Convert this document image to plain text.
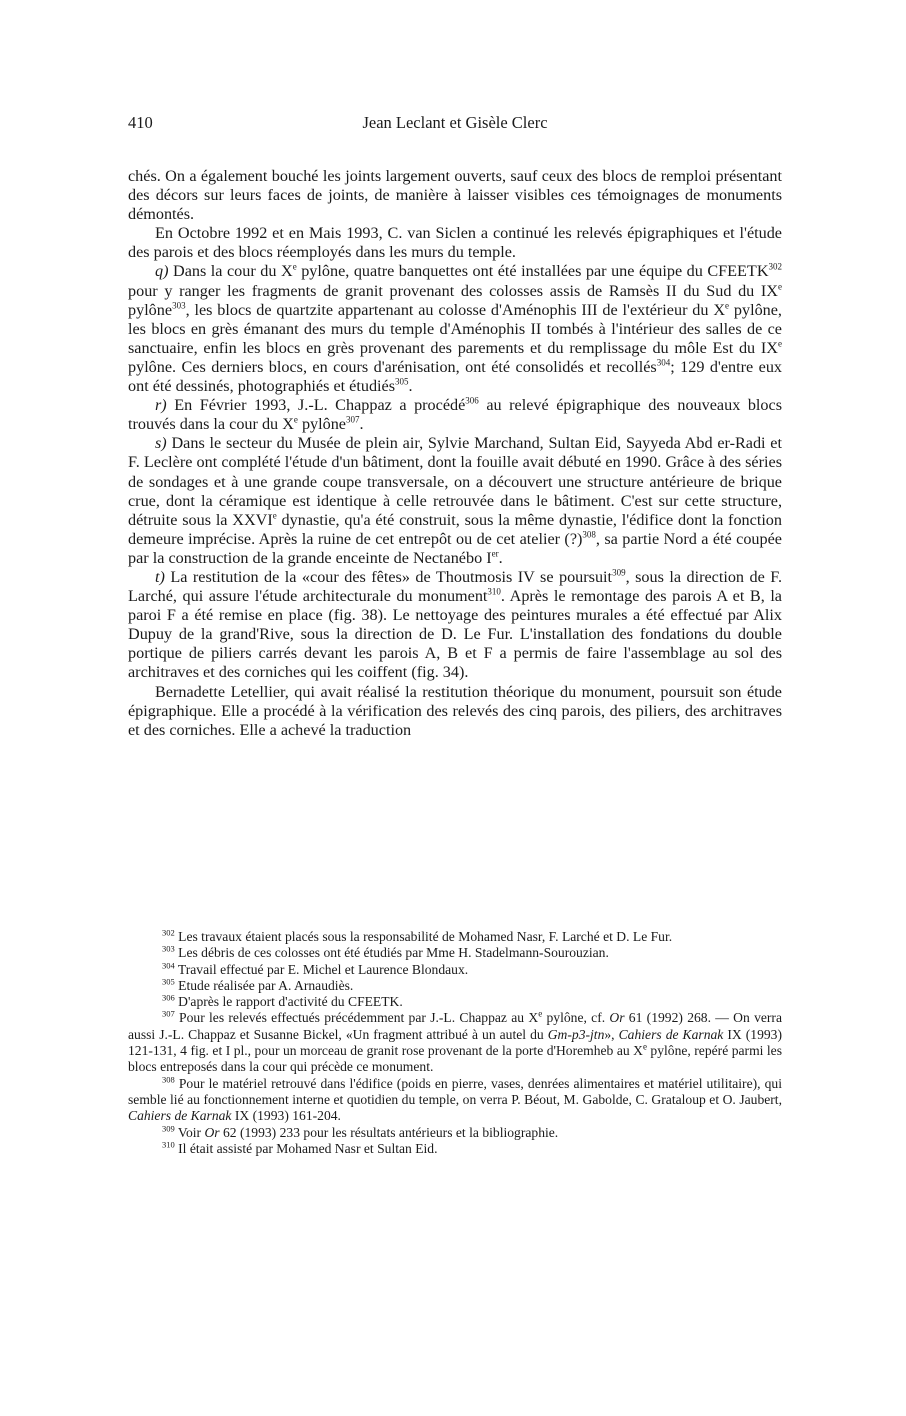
410	Jean Leclant et Gisèle Clerc

chés. On a également bouché les joints largement ouverts, sauf ceux des blocs de remploi présentant des décors sur leurs faces de joints, de manière à laisser visibles ces témoignages de monuments démontés.

En Octobre 1992 et en Mais 1993, C. van Siclen a continué les relevés épigraphiques et l'étude des parois et des blocs réemployés dans les murs du temple.

q) Dans la cour du Xe pylône, quatre banquettes ont été installées par une équipe du CFEETK$^{302}$ pour y ranger les fragments de granit provenant des colosses assis de Ramsès II du Sud du IXe pylône$^{303}$, les blocs de quartzite appartenant au colosse d'Aménophis III de l'extérieur du Xe pylône, les blocs en grès émanant des murs du temple d'Aménophis II tombés à l'intérieur des salles de ce sanctuaire, enfin les blocs en grès provenant des parements et du remplissage du môle Est du IXe pylône. Ces derniers blocs, en cours d'arénisation, ont été consolidés et recollés$^{304}$; 129 d'entre eux ont été dessinés, photographiés et étudiés$^{305}$.

r) En Février 1993, J.-L. Chappaz a procédé$^{306}$ au relevé épigraphique des nouveaux blocs trouvés dans la cour du Xe pylône$^{307}$.

s) Dans le secteur du Musée de plein air, Sylvie Marchand, Sultan Eid, Sayyeda Abd er-Radi et F. Leclère ont complété l'étude d'un bâtiment, dont la fouille avait débuté en 1990. Grâce à des séries de sondages et à une grande coupe transversale, on a découvert une structure antérieure de brique crue, dont la céramique est identique à celle retrouvée dans le bâtiment. C'est sur cette structure, détruite sous la XXVIe dynastie, qu'a été construit, sous la même dynastie, l'édifice dont la fonction demeure imprécise. Après la ruine de cet entrepôt ou de cet atelier (?)$^{308}$, sa partie Nord a été coupée par la construction de la grande enceinte de Nectanébo Ier.

t) La restitution de la «cour des fêtes» de Thoutmosis IV se poursuit$^{309}$, sous la direction de F. Larché, qui assure l'étude architecturale du monument$^{310}$. Après le remontage des parois A et B, la paroi F a été remise en place (fig. 38). Le nettoyage des peintures murales a été effectué par Alix Dupuy de la grand'Rive, sous la direction de D. Le Fur. L'installation des fondations du double portique de piliers carrés devant les parois A, B et F a permis de faire l'assemblage au sol des architraves et des corniches qui les coiffent (fig. 34).

Bernadette Letellier, qui avait réalisé la restitution théorique du monument, poursuit son étude épigraphique. Elle a procédé à la vérification des relevés des cinq parois, des piliers, des architraves et des corniches. Elle a achevé la traduction

$^{302}$ Les travaux étaient placés sous la responsabilité de Mohamed Nasr, F. Larché et D. Le Fur.

$^{303}$ Les débris de ces colosses ont été étudiés par Mme H. Stadelmann-Sourouzian.

$^{304}$ Travail effectué par E. Michel et Laurence Blondaux.

$^{305}$ Etude réalisée par A. Arnaudiès.

$^{306}$ D'après le rapport d'activité du CFEETK.

$^{307}$ Pour les relevés effectués précédemment par J.-L. Chappaz au Xe pylône, cf. Or 61 (1992) 268. — On verra aussi J.-L. Chappaz et Susanne Bickel, «Un fragment attribué à un autel du Gm-p3-jtn», Cahiers de Karnak IX (1993) 121-131, 4 fig. et I pl., pour un morceau de granit rose provenant de la porte d'Horemheb au Xe pylône, repéré parmi les blocs entreposés dans la cour qui précède ce monument.

$^{308}$ Pour le matériel retrouvé dans l'édifice (poids en pierre, vases, denrées alimentaires et matériel utilitaire), qui semble lié au fonctionnement interne et quotidien du temple, on verra P. Béout, M. Gabolde, C. Grataloup et O. Jaubert, Cahiers de Karnak IX (1993) 161-204.

$^{309}$ Voir Or 62 (1993) 233 pour les résultats antérieurs et la bibliographie.

$^{310}$ Il était assisté par Mohamed Nasr et Sultan Eid.
